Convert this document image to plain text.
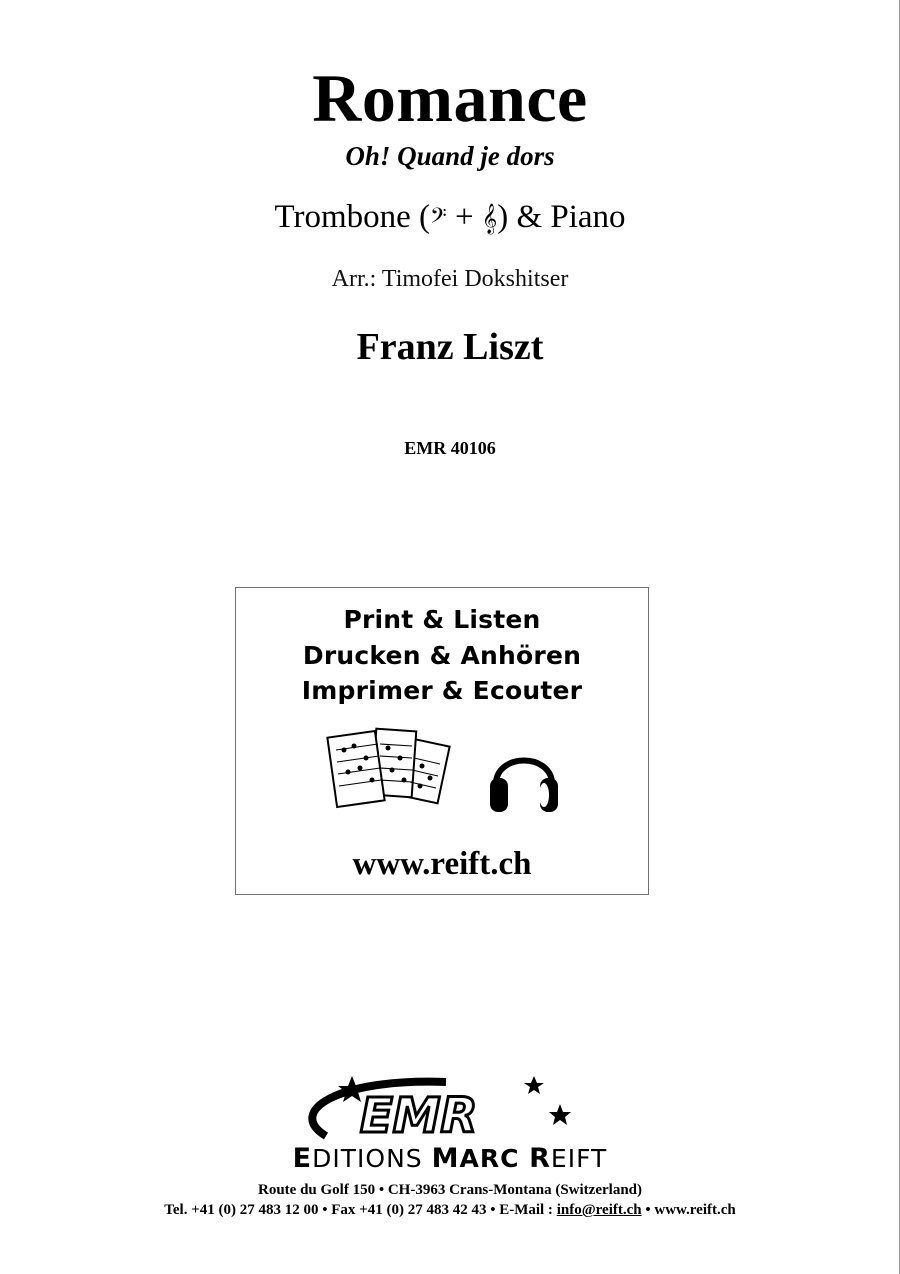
Romance
Oh! Quand je dors
Trombone (𝄢 + 𝄞) & Piano
Arr.: Timofei Dokshitser
Franz Liszt
EMR 40106
Print & Listen
Drucken & Anhören
Imprimer & Ecouter
www.reift.ch
EMR
EDITIONS MARC REIFT
Route du Golf 150 • CH-3963 Crans-Montana (Switzerland)
Tel. +41 (0) 27 483 12 00 • Fax +41 (0) 27 483 42 43 • E-Mail : info@reift.ch • www.reift.ch
